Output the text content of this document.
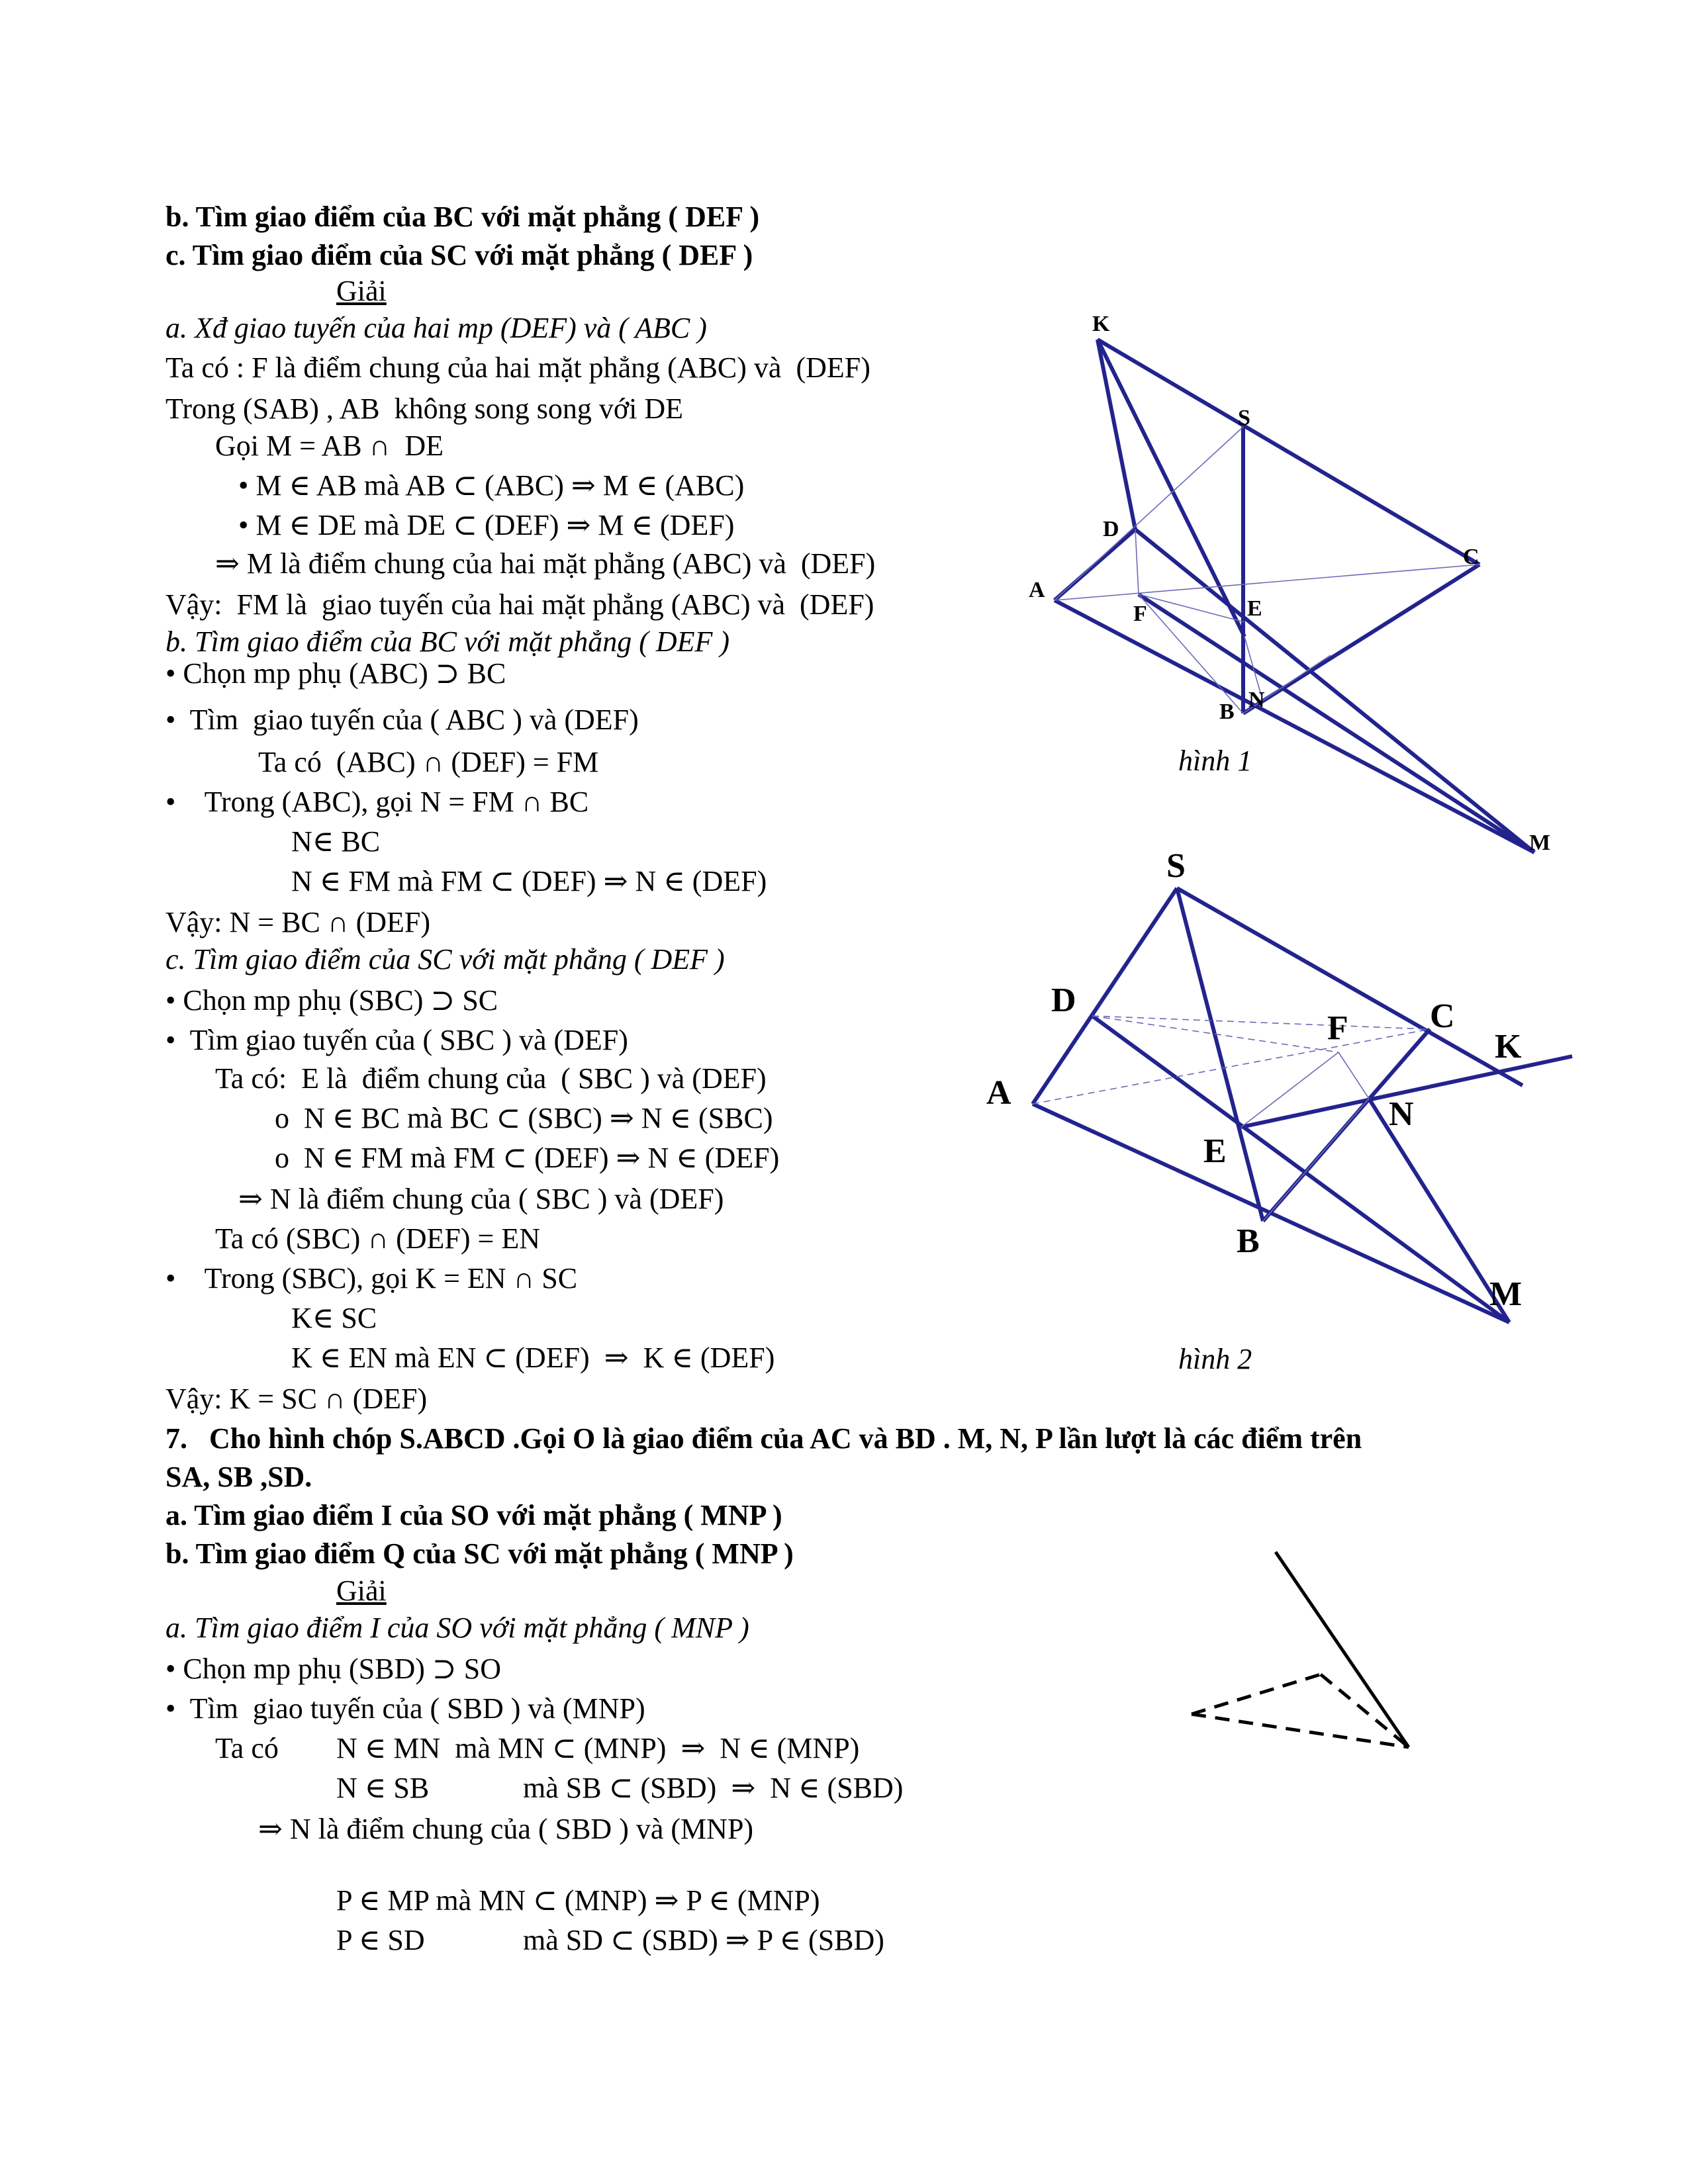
b. Tìm giao điểm của BC với mặt phẳng ( DEF )
c. Tìm giao điểm của SC với mặt phẳng ( DEF )
Giải
a. Xđ giao tuyến của hai mp (DEF) và ( ABC )
Ta có : F là điểm chung của hai mặt phẳng (ABC) và  (DEF)
Trong (SAB) , AB  không song song với DE
Gọi M = AB ∩  DE
• M ∈ AB mà AB ⊂ (ABC) ⇒ M ∈ (ABC)
• M ∈ DE mà DE ⊂ (DEF) ⇒ M ∈ (DEF)
⇒ M là điểm chung của hai mặt phẳng (ABC) và  (DEF)
Vậy:  FM là  giao tuyến của hai mặt phẳng (ABC) và  (DEF)
b. Tìm giao điểm của BC với mặt phẳng ( DEF )
• Chọn mp phụ (ABC) ⊃ BC
•  Tìm  giao tuyến của ( ABC ) và (DEF)
Ta có  (ABC) ∩ (DEF) = FM
•    Trong (ABC), gọi N = FM ∩ BC
N∈ BC
N ∈ FM mà FM ⊂ (DEF) ⇒ N ∈ (DEF)
Vậy: N = BC ∩ (DEF)
c. Tìm giao điểm của SC với mặt phẳng ( DEF )
• Chọn mp phụ (SBC) ⊃ SC
•  Tìm giao tuyến của ( SBC ) và (DEF)
Ta có:  E là  điểm chung của  ( SBC ) và (DEF)
o  N ∈ BC mà BC ⊂ (SBC) ⇒ N ∈ (SBC)
o  N ∈ FM mà FM ⊂ (DEF) ⇒ N ∈ (DEF)
⇒ N là điểm chung của ( SBC ) và (DEF)
Ta có (SBC) ∩ (DEF) = EN
•    Trong (SBC), gọi K = EN ∩ SC
K∈ SC
K ∈ EN mà EN ⊂ (DEF)  ⇒  K ∈ (DEF)
Vậy: K = SC ∩ (DEF)
7.   Cho hình chóp S.ABCD .Gọi O là giao điểm của AC và BD . M, N, P lần lượt là các điểm trên
SA, SB ,SD.
a. Tìm giao điểm I của SO với mặt phẳng ( MNP )
b. Tìm giao điểm Q của SC với mặt phẳng ( MNP )
Giải
a. Tìm giao điểm I của SO với mặt phẳng ( MNP )
• Chọn mp phụ (SBD) ⊃ SO
•  Tìm  giao tuyến của ( SBD ) và (MNP)
Ta có N ∈ MN  mà MN ⊂ (MNP)  ⇒  N ∈ (MNP)
N ∈ SB	mà SB ⊂ (SBD)  ⇒  N ∈ (SBD)
⇒ N là điểm chung của ( SBD ) và (MNP)
P ∈ MP mà MN ⊂ (MNP) ⇒ P ∈ (MNP)
P ∈ SD	mà SD ⊂ (SBD) ⇒ P ∈ (SBD)
K
S
D
C
A
F	E
N
B
M
hình 1
S
D
F C
K
A
N
E
B
M
hình 2
